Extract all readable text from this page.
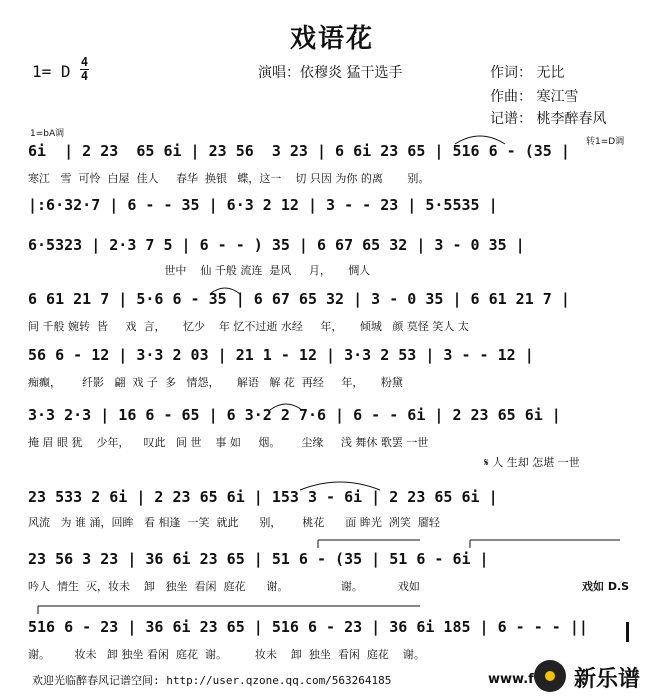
戏语花
1= D 4
4	演唱：依穆炎 猛干选手	作词： 无比
作曲： 寒江雪
记谱： 桃李醉春风
1=bA调
转1=D调
6i  | 2 23  65 6i | 23 56  3 23 | 6 6i 23 65 | 516 6 - (35 |
寒江   雪  可怜  白屋  佳人     春华  换银   蝶，这一    切 只因 为你 的离       别。
|:6·32·7 | 6 - - 35 | 6·3 2 12 | 3 - - 23 | 5·5535 |
6·5323 | 2·3 7 5 | 6 - - ) 35 | 6 67 65 32 | 3 - 0 35 |
世中    仙 千般 流连  是风     月，     惆人
6 61 21 7 | 5·6 6 - 35 | 6 67 65 32 | 3 - 0 35 | 6 61 21 7 |
间 千般 婉转  皆     戏  言，     忆少    年 忆不过逝 水经     年，     倾城   颜 莫怪 笑人 太
56 6 - 12 | 3·3 2 03 | 21 1 - 12 | 3·3 2 53 | 3 - - 12 |
痴癫，      纤影   翩  戏 子  多   情怨，     解语   解 花  再经     年，     粉黛
3·3 2·3 | 16 6 - 65 | 6 3·2 2 7·6 | 6 - - 6i | 2 23 65 6i |
掩 眉 眼 犹    少年，    叹此   间 世    事 如     烟。      尘缘     浅 舞休 歌罢 一世
𝄋 人 生却 怎堪 一世
23 533 2 6i | 2 23 65 6i | 153 3 - 6i | 2 23 65 6i |
风流   为 谁 涌，回眸   看 相逢  一笑  就此      别，      桃花      面 眸光  冽笑  靥轻
23 56 3 23 | 36 6i 23 65 | 51 6 - (35 | 51 6 - 6i |
吟人  情生  灭，妆未    卸   独坐  看闲  庭花      谢。               谢。          戏如	戏如 D.S
516 6 - 23 | 36 6i 23 65 | 516 6 - 23 | 36 6i 185 | 6 - - - ||
谢。       妆未   卸 独坐 看闲  庭花  谢。        妆未    卸  独坐  看闲  庭花    谢。
欢迎光临醉春风记谱空间: http://user.qzone.qq.com/563264185	www.f 新乐谱
